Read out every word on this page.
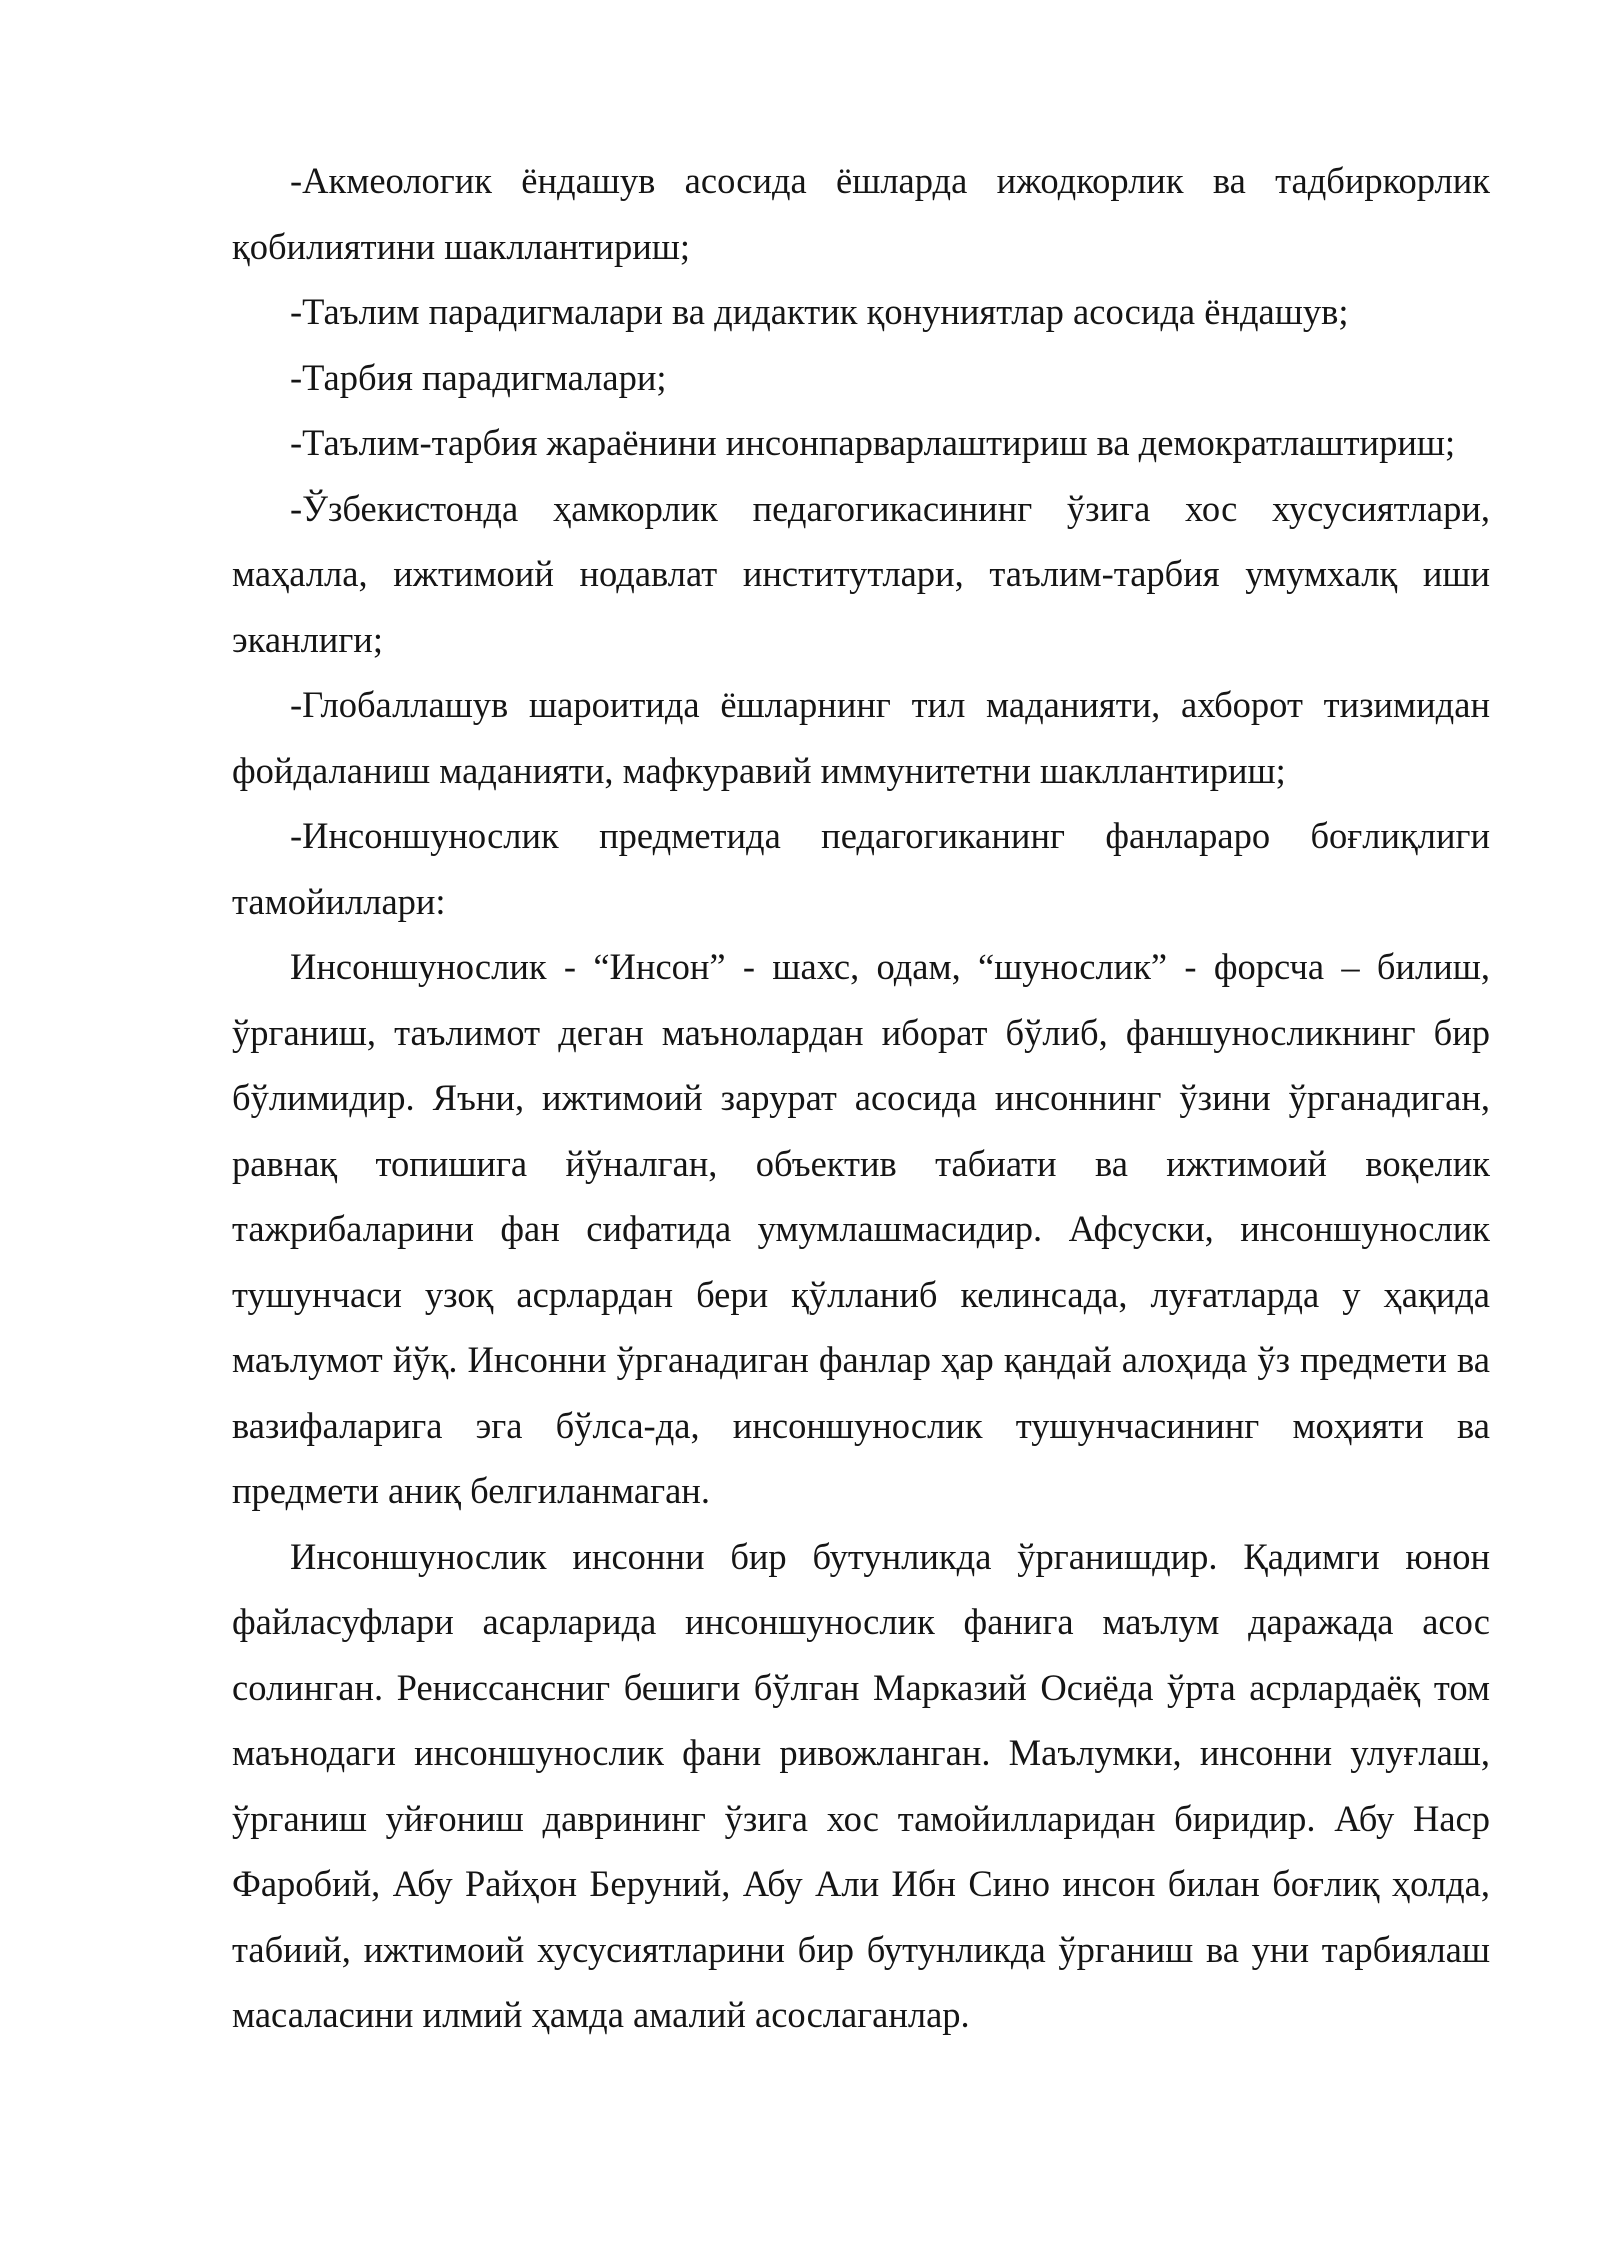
-Акмеологик ёндашув асосида ёшларда ижодкорлик ва тадбиркорлик қобилиятини шакллантириш;

-Таълим парадигмалари ва дидактик қонуниятлар асосида ёндашув;

-Тарбия парадигмалари;

-Таълим-тарбия жараёнини инсонпарварлаштириш ва демократлаштириш;

-Ўзбекистонда ҳамкорлик педагогикасининг ўзига хос хусусиятлари, маҳалла, ижтимоий нодавлат институтлари, таълим-тарбия умумхалқ иши эканлиги;

-Глобаллашув шароитида ёшларнинг тил маданияти, ахборот тизимидан фойдаланиш маданияти, мафкуравий иммунитетни шакллантириш;

-Инсоншунослик предметида педагогиканинг фанлараро боғлиқлиги тамойиллари:

Инсоншунослик - “Инсон” - шахс, одам, “шунослик” - форсча – билиш, ўрганиш, таълимот деган маънолардан иборат бўлиб, фаншуносликнинг бир бўлимидир. Яъни, ижтимоий зарурат асосида инсоннинг ўзини ўрганадиган, равнақ топишига йўналган, объектив табиати ва ижтимоий воқелик тажрибаларини фан сифатида умумлашмасидир. Афсуски, инсоншунослик тушунчаси узоқ асрлардан бери қўлланиб келинсада, луғатларда у ҳақида маълумот йўқ. Инсонни ўрганадиган фанлар ҳар қандай алоҳида ўз предмети ва вазифаларига эга бўлса-да, инсоншунослик тушунчасининг моҳияти ва предмети аниқ белгиланмаган.

Инсоншунослик инсонни бир бутунликда ўрганишдир. Қадимги юнон файласуфлари асарларида инсоншунослик фанига маълум даражада асос солинган. Ренисcансниг бешиги бўлган Марказий Осиёда ўрта асрлардаёқ том маънодаги инсоншунослик фани ривожланган. Маълумки, инсонни улуғлаш, ўрганиш уйғониш даврининг ўзига хос тамойилларидан биридир. Абу Наср Фаробий, Абу Райҳон Беруний, Абу Али Ибн Сино инсон билан боғлиқ ҳолда, табиий, ижтимоий хусусиятларини бир бутунликда ўрганиш ва уни тарбиялаш масаласини илмий ҳамда амалий асослаганлар.
